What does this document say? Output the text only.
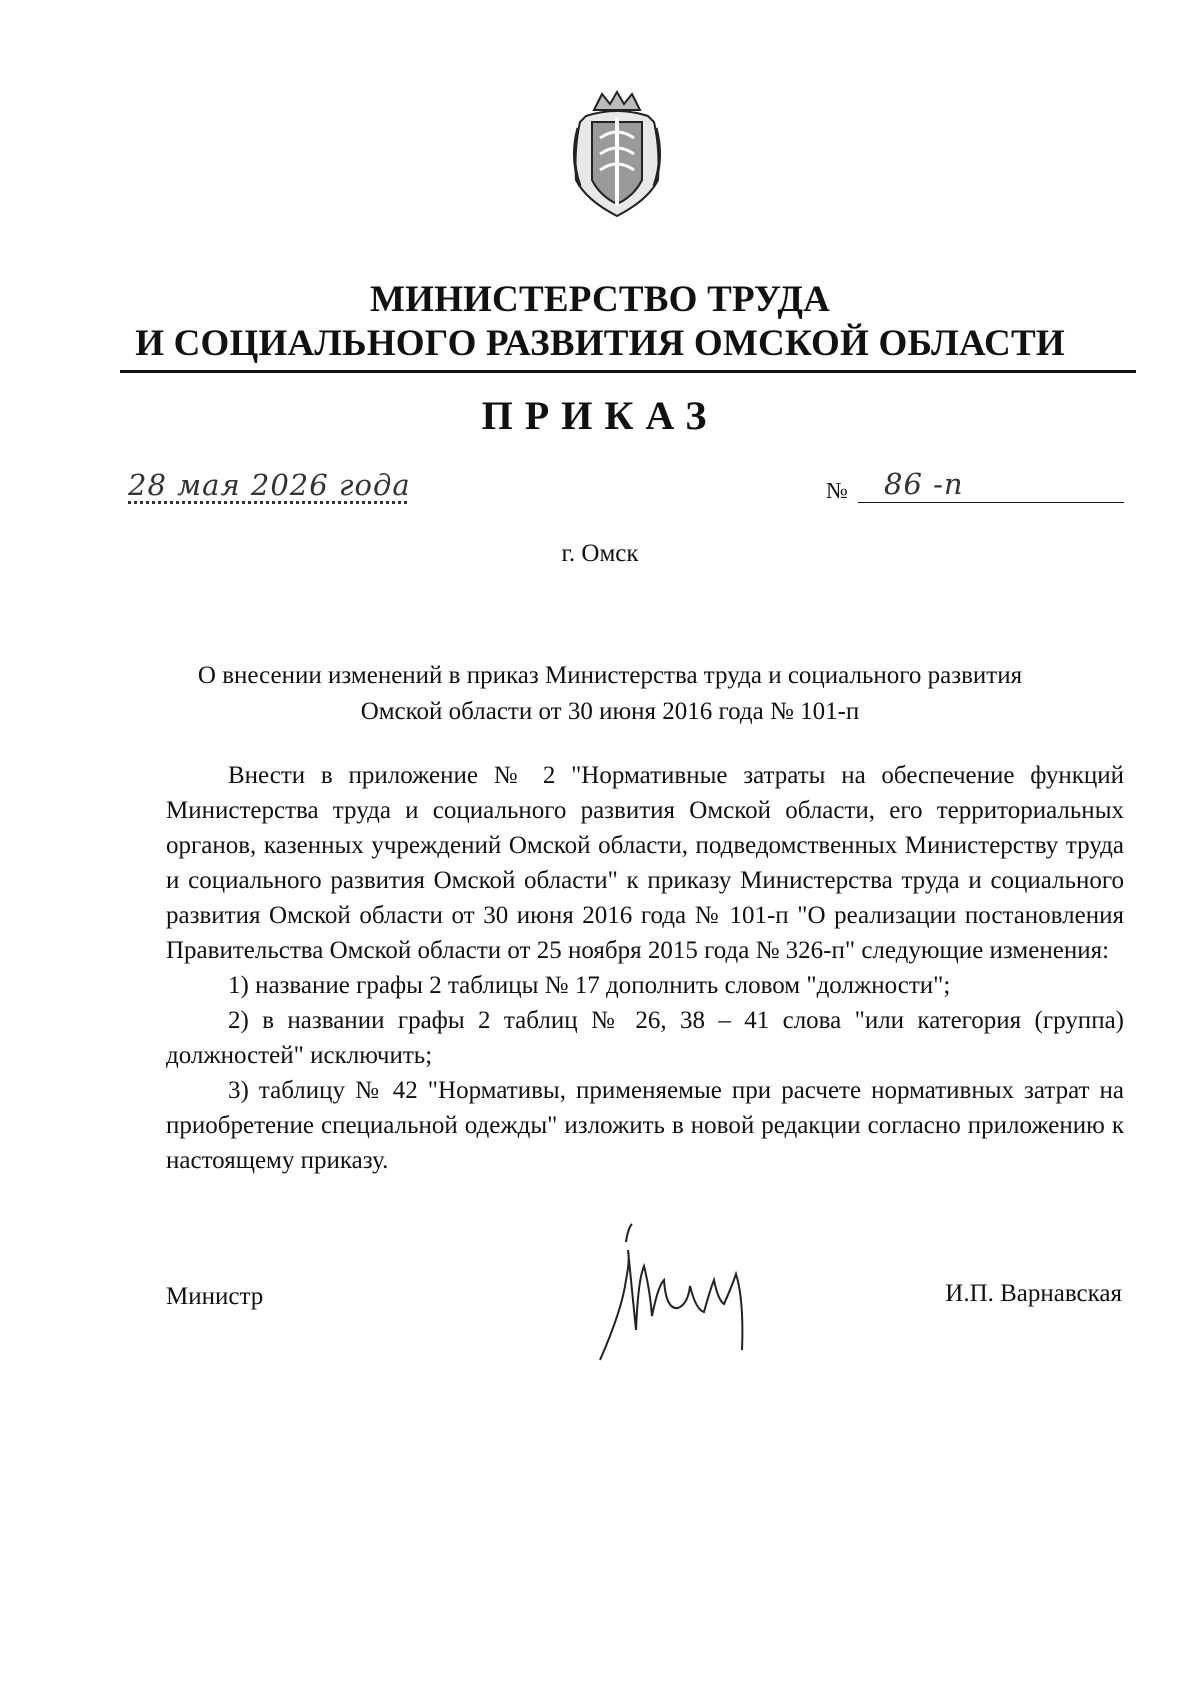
МИНИСТЕРСТВО ТРУДА
И СОЦИАЛЬНОГО РАЗВИТИЯ ОМСКОЙ ОБЛАСТИ
ПРИКАЗ
28 мая 2026 года	№ 86 -п
г. Омск
О внесении изменений в приказ Министерства труда и социального развития
Омской области от 30 июня 2016 года № 101-п

Внести в приложение № 2 "Нормативные затраты на обеспечение функций Министерства труда и социального развития Омской области, его территориальных органов, казенных учреждений Омской области, подведомственных Министерству труда и социального развития Омской области" к приказу Министерства труда и социального развития Омской области от 30 июня 2016 года № 101-п "О реализации постановления Правительства Омской области от 25 ноября 2015 года № 326-п" следующие изменения:

1) название графы 2 таблицы № 17 дополнить словом "должности";

2) в названии графы 2 таблиц № 26, 38 – 41 слова "или категория (группа) должностей" исключить;

3) таблицу № 42 "Нормативы, применяемые при расчете нормативных затрат на приобретение специальной одежды" изложить в новой редакции согласно приложению к настоящему приказу.

Министр	И.П. Варнавская
